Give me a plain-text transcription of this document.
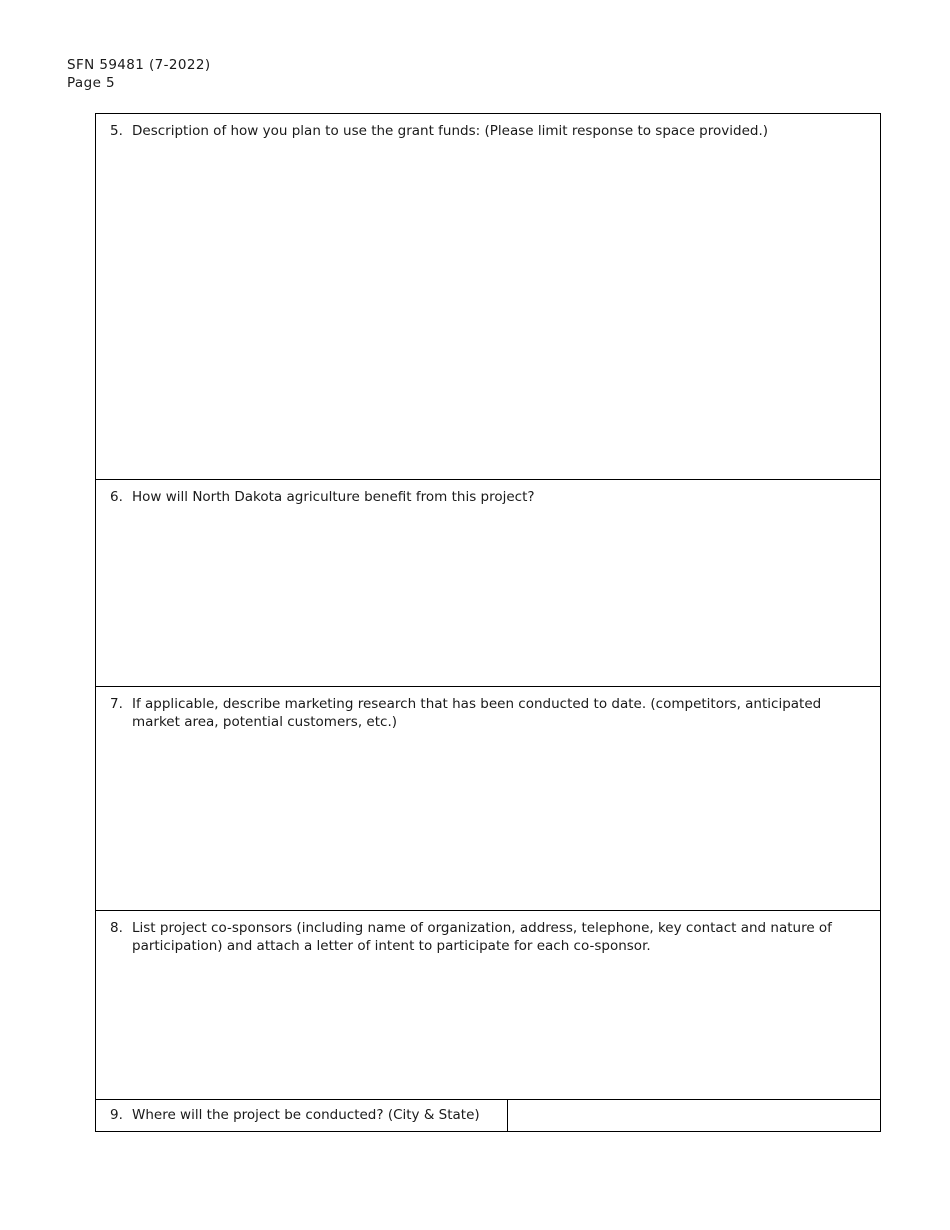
SFN 59481 (7-2022)
Page 5
5. Description of how you plan to use the grant funds: (Please limit response to space provided.)
6. How will North Dakota agriculture benefit from this project?
7. If applicable, describe marketing research that has been conducted to date. (competitors, anticipated market area, potential customers, etc.)
8. List project co-sponsors (including name of organization, address, telephone, key contact and nature of participation) and attach a letter of intent to participate for each co-sponsor.
9. Where will the project be conducted? (City & State)
